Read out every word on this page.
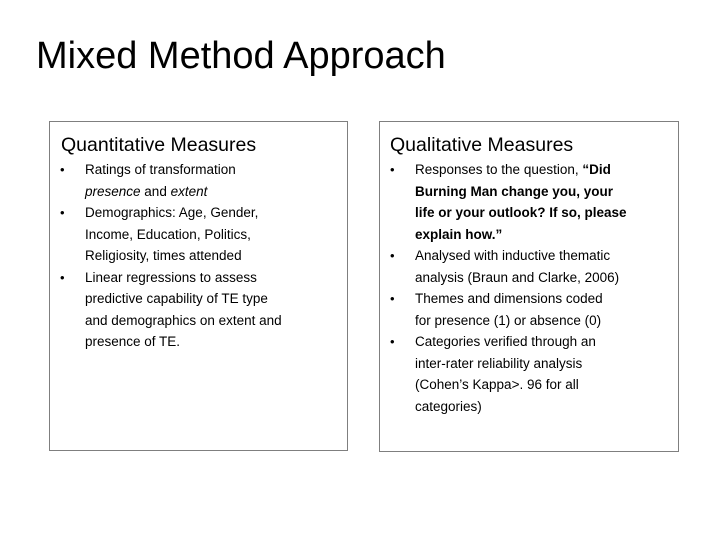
Mixed Method Approach
Quantitative Measures
• Ratings of transformation
presence and extent
• Demographics: Age, Gender,
Income, Education, Politics,
Religiosity, times attended
• Linear regressions to assess
predictive capability of TE type
and demographics on extent and
presence of TE.
Qualitative Measures
• Responses to the question, “Did
Burning Man change you, your
life or your outlook? If so, please
explain how.”
• Analysed with inductive thematic
analysis (Braun and Clarke, 2006)
• Themes and dimensions coded
for presence (1) or absence (0)
• Categories verified through an
inter-rater reliability analysis
(Cohen’s Kappa>. 96 for all
categories)
